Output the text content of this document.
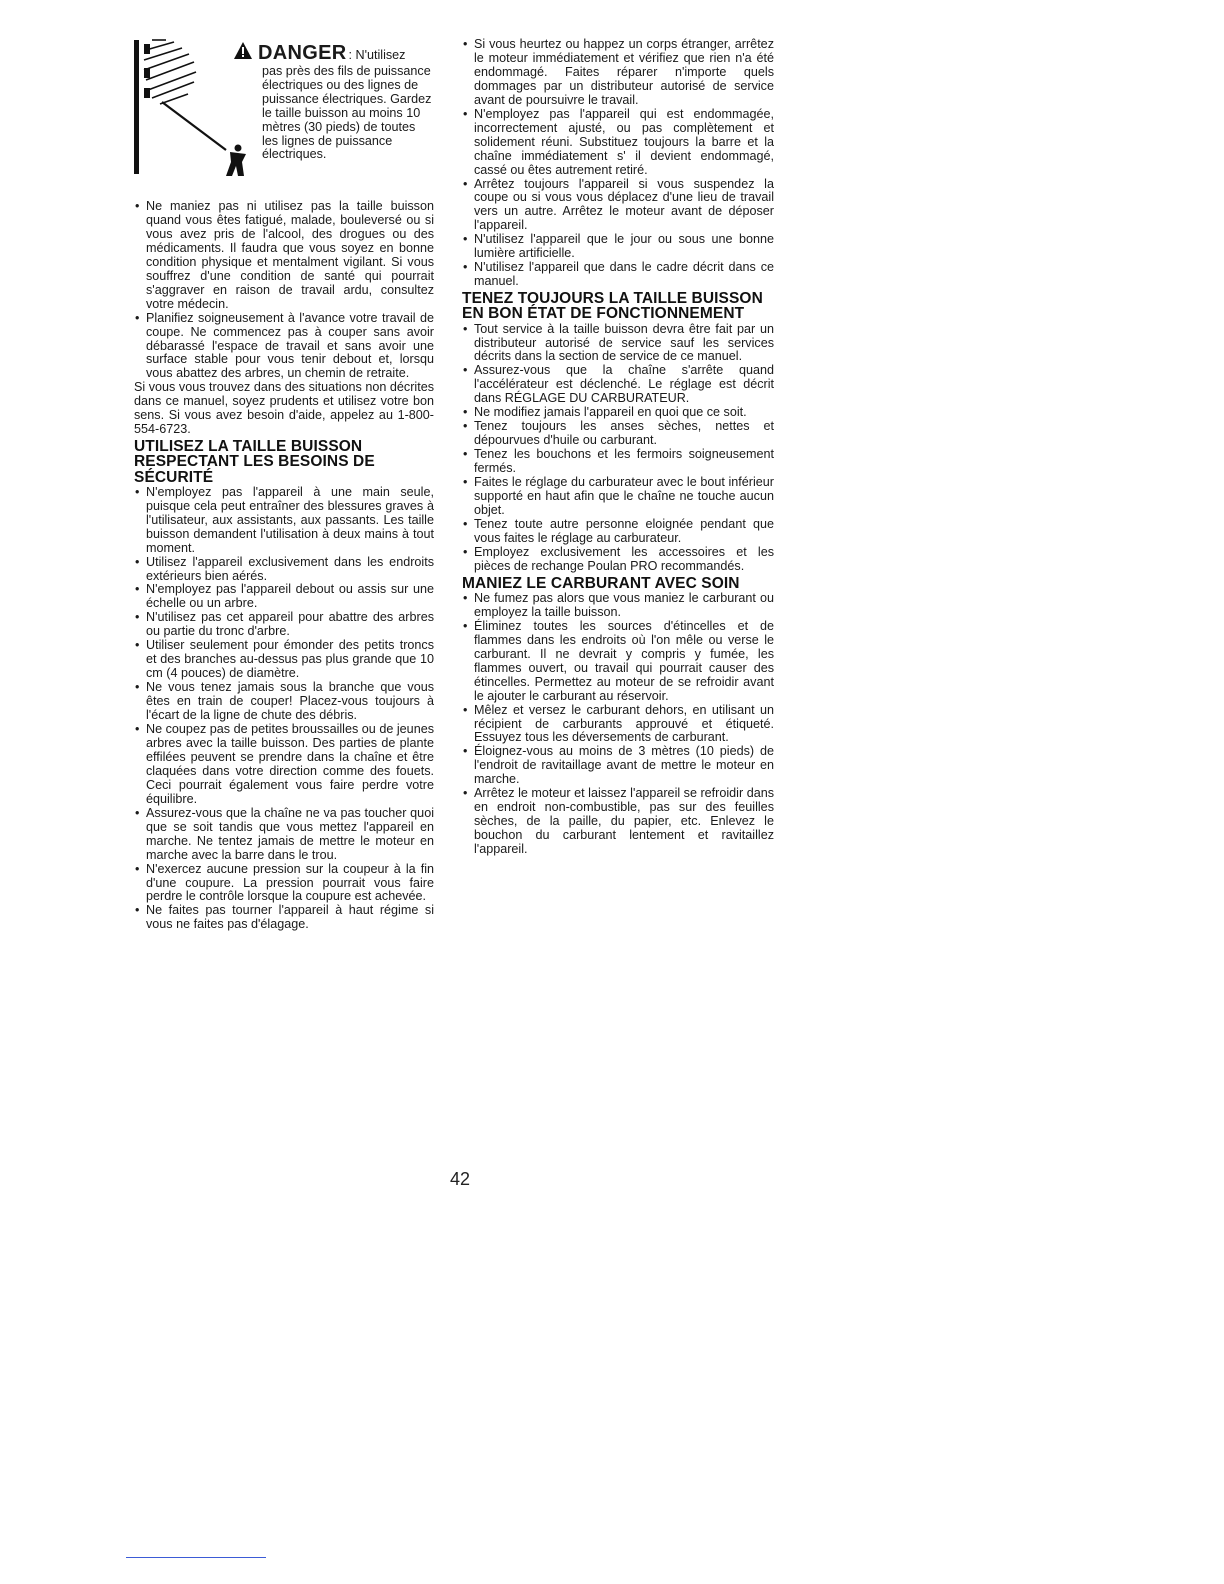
DANGER : N'utilisez

pas près des fils de puissance électriques ou des lignes de puissance électriques. Gardez le taille buisson au moins 10 mètres (30 pieds) de toutes les lignes de puissance électriques.

• Ne maniez pas ni utilisez pas la taille buisson quand vous êtes fatigué, malade, bouleversé ou si vous avez pris de l'alcool, des drogues ou des médicaments. Il faudra que vous soyez en bonne condition physique et mentalment vigilant. Si vous souffrez d'une condition de santé qui pourrait s'aggraver en raison de travail ardu, consultez votre médecin.
• Planifiez soigneusement à l'avance votre travail de coupe. Ne commencez pas à couper sans avoir débarassé l'espace de travail et sans avoir une surface stable pour vous tenir debout et, lorsqu vous abattez des arbres, un chemin de retraite.

Si vous vous trouvez dans des situations non décrites dans ce manuel, soyez prudents et utilisez votre bon sens. Si vous avez besoin d'aide, appelez au 1-800-554-6723.

UTILISEZ LA TAILLE BUISSON RESPECTANT LES BESOINS DE SÉCURITÉ
• N'employez pas l'appareil à une main seule, puisque cela peut entraîner des blessures graves à l'utilisateur, aux assistants, aux passants. Les taille buisson demandent l'utilisation à deux mains à tout moment.
• Utilisez l'appareil exclusivement dans les endroits extérieurs bien aérés.
• N'employez pas l'appareil debout ou assis sur une échelle ou un arbre.
• N'utilisez pas cet appareil pour abattre des arbres ou partie du tronc d'arbre.
• Utiliser seulement pour émonder des petits troncs et des branches au-dessus pas plus grande que 10 cm (4 pouces) de diamètre.
• Ne vous tenez jamais sous la branche que vous êtes en train de couper! Placez-vous toujours à l'écart de la ligne de chute des débris.
• Ne coupez pas de petites broussailles ou de jeunes arbres avec la taille buisson. Des parties de plante effilées peuvent se prendre dans la chaîne et être claquées dans votre direction comme des fouets. Ceci pourrait également vous faire perdre votre équilibre.
• Assurez-vous que la chaîne ne va pas toucher quoi que se soit tandis que vous mettez l'appareil en marche. Ne tentez jamais de mettre le moteur en marche avec la barre dans le trou.
• N'exercez aucune pression sur la coupeur à la fin d'une coupure. La pression pourrait vous faire perdre le contrôle lorsque la coupure est achevée.
• Ne faites pas tourner l'appareil à haut régime si vous ne faites pas d'élagage.
• Si vous heurtez ou happez un corps étranger, arrêtez le moteur immédiatement et vérifiez que rien n'a été endommagé. Faites réparer n'importe quels dommages par un distributeur autorisé de service avant de poursuivre le travail.
• N'employez pas l'appareil qui est endommagée, incorrectement ajusté, ou pas complètement et solidement réuni. Substituez toujours la barre et la chaîne immédiatement s' il devient endommagé, cassé ou êtes autrement retiré.
• Arrêtez toujours l'appareil si vous suspendez la coupe ou si vous vous déplacez d'une lieu de travail vers un autre. Arrêtez le moteur avant de déposer l'appareil.
• N'utilisez l'appareil que le jour ou sous une bonne lumière artificielle.
• N'utilisez l'appareil que dans le cadre décrit dans ce manuel.
TENEZ TOUJOURS LA TAILLE BUISSON EN BON ÉTAT DE FONCTIONNEMENT
• Tout service à la taille buisson devra être fait par un distributeur autorisé de service sauf les services décrits dans la section de service de ce manuel.
• Assurez-vous que la chaîne s'arrête quand l'accélérateur est déclenché. Le réglage est décrit dans RÉGLAGE DU CARBURATEUR.
• Ne modifiez jamais l'appareil en quoi que ce soit.
• Tenez toujours les anses sèches, nettes et dépourvues d'huile ou carburant.
• Tenez les bouchons et les fermoirs soigneusement fermés.
• Faites le réglage du carburateur avec le bout inférieur supporté en haut afin que le chaîne ne touche aucun objet.
• Tenez toute autre personne eloignée pendant que vous faites le réglage au carburateur.
• Employez exclusivement les accessoires et les pièces de rechange Poulan PRO recommandés.
MANIEZ LE CARBURANT AVEC SOIN
• Ne fumez pas alors que vous maniez le carburant ou employez la taille buisson.
• Éliminez toutes les sources d'étincelles et de flammes dans les endroits où l'on mêle ou verse le carburant. Il ne devrait y compris y fumée, les flammes ouvert, ou travail qui pourrait causer des étincelles. Permettez au moteur de se refroidir avant le ajouter le carburant au réservoir.
• Mêlez et versez le carburant dehors, en utilisant un récipient de carburants approuvé et étiqueté. Essuyez tous les déversements de carburant.
• Éloignez-vous au moins de 3 mètres (10 pieds) de l'endroit de ravitaillage avant de mettre le moteur en marche.
• Arrêtez le moteur et laissez l'appareil se refroidir dans en endroit non-combustible, pas sur des feuilles sèches, de la paille, du papier, etc. Enlevez le bouchon du carburant lentement et ravitaillez l'appareil.
42
